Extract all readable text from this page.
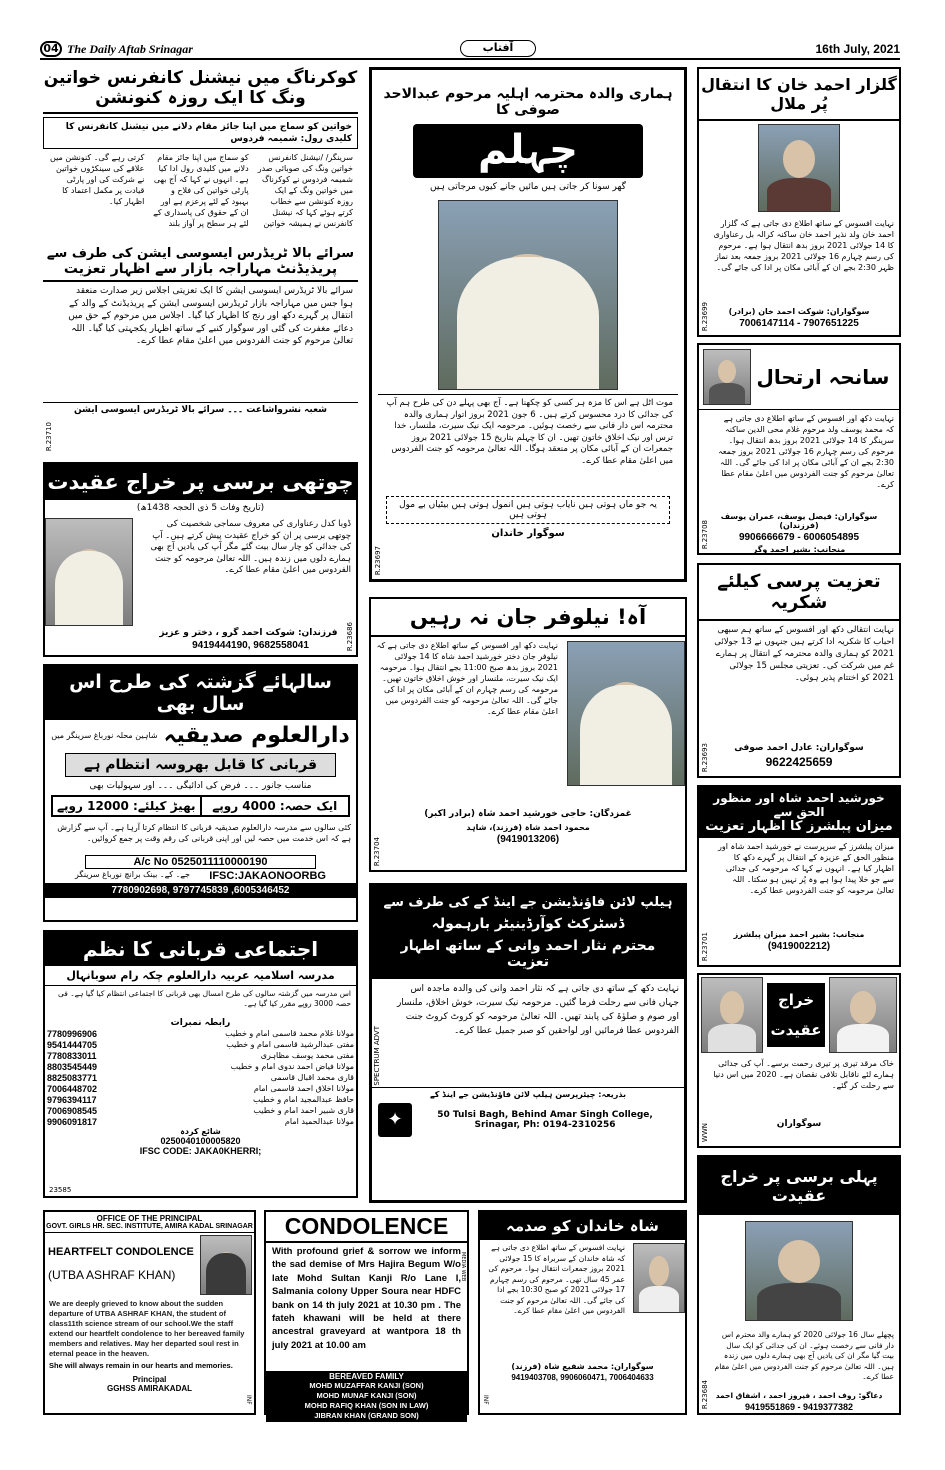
04 The Daily Aftab Srinagar	آفتاب	16th July, 2021
کوکرناگ میں نیشنل کانفرنس خواتین ونگ کا ایک روزہ کنونشن
خواتین کو سماج میں اپنا جائز مقام دلانے میں نیشنل کانفرنس کا کلیدی رول: شمیمہ فردوس
سرینگر/ /نیشنل کانفرنس خواتین ونگ کی صوبائی صدر شمیمہ فردوس نے کوکرناگ میں خواتین ونگ کے ایک روزہ کنونشن سے خطاب کرتے ہوئے کہا کہ نیشنل کانفرنس نے ہمیشہ خواتین کو سماج میں اپنا جائز مقام دلانے میں کلیدی رول ادا کیا ہے۔ انہوں نے کہا کہ آج بھی پارٹی خواتین کی فلاح و بہبود کے لئے پرعزم ہے اور ان کے حقوق کی پاسداری کے لئے ہر سطح پر آواز بلند کرتی رہے گی۔ کنونشن میں علاقے کی سینکڑوں خواتین نے شرکت کی اور پارٹی قیادت پر مکمل اعتماد کا اظہار کیا۔
سرائے بالا ٹریڈرس ایسوسی ایشن کی طرف سے
پریذیڈنٹ مہاراجہ بازار سے اظہار تعزیت
سرائے بالا ٹریڈرس ایسوسی ایشن کا ایک تعزیتی اجلاس زیر صدارت منعقد ہوا جس میں مہاراجہ بازار ٹریڈرس ایسوسی ایشن کے پریذیڈنٹ کے والد کے انتقال پر گہرے دکھ اور رنج کا اظہار کیا گیا۔ اجلاس میں مرحوم کے حق میں دعائے مغفرت کی گئی اور سوگوار کنبے کے ساتھ اظہار یکجہتی کیا گیا۔ اللہ تعالیٰ مرحوم کو جنت الفردوس میں اعلیٰ مقام عطا کرے۔
شعبہ نشرواشاعت ۔۔۔ سرائے بالا ٹریڈرس ایسوسی ایشن
R.23710
ہماری والدہ محترمہ اہلیہ مرحوم عبدالاحد صوفی کا
چہلم
گھر سونا کر جاتی ہیں مائیں جانے کیوں مرجاتی ہیں
موت اٹل ہے اس کا مزہ ہر کسی کو چکھنا ہے۔ آج بھی پہلے دن کی طرح ہم آپ کی جدائی کا درد محسوس کرتے ہیں۔ 6 جون 2021 بروز اتوار ہماری والدہ محترمہ اس دار فانی سے رخصت ہوئیں۔ مرحومہ ایک نیک سیرت، ملنسار، خدا ترس اور نیک اخلاق خاتون تھیں۔ ان کا چہلم بتاریخ 15 جولائی 2021 بروز جمعرات ان کے آبائی مکان پر منعقد ہوگا۔ اللہ تعالیٰ مرحومہ کو جنت الفردوس میں اعلیٰ مقام عطا کرے۔
یہ جو ماں ہوتی ہیں نایاب ہوتی ہیں انمول ہوتی ہیں بیٹیاں بے مول ہوتی ہیں
سوگوار خاندان
R.23697
گلزار احمد خان کا انتقال پُر ملال
نہایت افسوس کے ساتھ اطلاع دی جاتی ہے کہ گلزار احمد خان ولد نذیر احمد خان ساکنہ کرالہ بل رعناواری کا 14 جولائی 2021 بروز بدھ انتقال ہوا ہے۔ مرحوم کی رسم چہارم 16 جولائی 2021 بروز جمعہ بعد نماز ظہر 2:30 بجے ان کے آبائی مکان پر ادا کی جائے گی۔
سوگواران: شوکت احمد خان (برادر)
7006147114 - 7907651225
R.23699
سانحہ ارتحال
نہایت دکھ اور افسوس کے ساتھ اطلاع دی جاتی ہے کہ محمد یوسف ولد مرحوم غلام محی الدین ساکنہ سرینگر کا 14 جولائی 2021 بروز بدھ انتقال ہوا۔ مرحوم کی رسم چہارم 16 جولائی 2021 بروز جمعہ 2:30 بجے ان کے آبائی مکان پر ادا کی جائے گی۔ اللہ تعالیٰ مرحوم کو جنت الفردوس میں اعلیٰ مقام عطا کرے۔
سوگواران: فیصل یوسف، عمران یوسف (فرزندان)
9906666679 - 6006054895
منجانب: بشیر احمد وگر
R.23708
چوتھی برسی پر خراج عقیدت
(تاریخ وفات 5 ذی الحجہ 1438ھ)
ڈوبا کدل رعناواری کی معروف سماجی شخصیت کی چوتھی برسی پر ان کو خراج عقیدت پیش کرتے ہیں۔ آپ کی جدائی کو چار سال بیت گئے مگر آپ کی یادیں آج بھی ہمارے دلوں میں زندہ ہیں۔ اللہ تعالیٰ مرحومہ کو جنت الفردوس میں اعلیٰ مقام عطا کرے۔
فرزندان: شوکت احمد گرو ، دختر و عزیز
9419444190, 9682558041	R.23686
آہ! نیلوفر جان نہ رہیں
نہایت دکھ اور افسوس کے ساتھ اطلاع دی جاتی ہے کہ نیلوفر جان دختر خورشید احمد شاہ کا 14 جولائی 2021 بروز بدھ صبح 11:00 بجے انتقال ہوا۔ مرحومہ ایک نیک سیرت، ملنسار اور خوش اخلاق خاتون تھیں۔ مرحومہ کی رسم چہارم ان کے آبائی مکان پر ادا کی جائے گی۔ اللہ تعالیٰ مرحومہ کو جنت الفردوس میں اعلیٰ مقام عطا کرے۔
غمزدگان: حاجی خورشید احمد شاہ (برادر اکبر)
محمود احمد شاہ (فرزند)، شاہد
(9419013206)
R.23704
تعزیت پرسی کیلئے شکریہ
نہایت انتقالی دکھ اور افسوس کے ساتھ ہم سبھی احباب کا شکریہ ادا کرتے ہیں جنہوں نے 13 جولائی 2021 کو ہماری والدہ محترمہ کے انتقال پر ہمارے غم میں شرکت کی۔ تعزیتی مجلس 15 جولائی 2021 کو اختتام پذیر ہوئی۔
سوگواران: عادل احمد صوفی
9622425659
R.23693
سالہائے گزشتہ کی طرح اس سال بھی
دارالعلوم صدیقیہ
شاہین محلہ نورباغ سرینگر میں
قربانی کا قابل بھروسہ انتظام ہے
مناسب جانور ۔۔۔ فرض کی ادائیگی ۔۔۔ اور سہولیات بھی
ایک حصہ: 4000 روپے
بھیڑ کیلئے: 12000 روپے
کئی سالوں سے مدرسہ دارالعلوم صدیقیہ قربانی کا انتظام کرتا آرہا ہے۔ آپ سے گزارش ہے کہ اس خدمت میں حصہ لیں اور اپنی قربانی کی رقم وقت پر جمع کروائیں۔
A/c No 0525011110000190
IFSC:JAKAONOORBG
جے۔ کے۔ بینک برانچ نورباغ سرینگر
7780902698, 9797745839 ,6005346452
ہیلپ لائن فاؤنڈیشن جے اینڈ کے کی طرف سے
ڈسٹرکٹ کوآرڈینیٹر بارہمولہ
محترم نثار احمد وانی کے ساتھ اظہار تعزیت
نہایت دکھ کے ساتھ دی جاتی ہے کہ نثار احمد وانی کی والدہ ماجدہ اس جہاں فانی سے رحلت فرما گئیں۔ مرحومہ نیک سیرت، خوش اخلاق، ملنسار اور صوم و صلوٰۃ کی پابند تھیں۔ اللہ تعالیٰ مرحومہ کو کروٹ کروٹ جنت الفردوس عطا فرمائیں اور لواحقین کو صبر جمیل عطا کرے۔
بذریعہ: چیئرپرسن ہیلپ لائن فاؤنڈیشن جے اینڈ کے
50 Tulsi Bagh, Behind Amar Singh College,
Srinagar, Ph: 0194-2310256
✦
SPECTRUM ADVT
خورشید احمد شاہ اور منظور الحق سے
میزان پبلشرز کا اظہار تعزیت
میزان پبلشرز کے سرپرست نے خورشید احمد شاہ اور منظور الحق کے عزیزہ کے انتقال پر گہرے دکھ کا اظہار کیا ہے۔ انہوں نے کہا کہ مرحومہ کی جدائی سے جو خلا پیدا ہوا ہے وہ پُر نہیں ہو سکتا۔ اللہ تعالیٰ مرحومہ کو جنت الفردوس عطا کرے۔
منجانب: بشیر احمد میزان پبلشرز
(9419002212)
R.23701
خراج عقیدت
خاک مرقد تیری پر تیری رحمت برسے۔ آپ کی جدائی ہمارے لئے ناقابل تلافی نقصان ہے۔ 2020 میں اس دنیا سے رحلت کر گئے۔
سوگواران
WWN
اجتماعی قربانی کا نظم
مدرسہ اسلامیہ عربیہ دارالعلوم چکہ رام سوبانہال
اس مدرسہ میں گزشتہ سالوں کی طرح امسال بھی قربانی کا اجتماعی انتظام کیا گیا ہے۔ فی حصہ 3000 روپے مقرر کیا گیا ہے۔
رابطہ نمبرات
مولانا غلام محمد قاسمی امام و خطیب	7780996906
مفتی عبدالرشید قاسمی امام و خطیب	9541444705
مفتی محمد یوسف مظاہری	7780833011
مولانا فیاض احمد ندوی امام و خطیب	8803545449
قاری محمد اقبال قاسمی	8825083771
مولانا اخلاق احمد قاسمی امام	7006448702
حافظ عبدالمجید امام و خطیب	9796394117
قاری شبیر احمد امام و خطیب	7006908545
مولانا عبدالحمید امام	9906091817
شائع کردہ
0250040100005820
IFSC CODE: JAKA0KHERRI;
23585
OFFICE OF THE PRINCIPAL
GOVT. GIRLS HR. SEC. INSTITUTE, AMIRA KADAL SRINAGAR
HEARTFELT CONDOLENCE
(UTBA ASHRAF KHAN)
We are deeply grieved to know about the sudden departure of UTBA ASHRAF KHAN, the student of class11th science stream of our school.We the staff extend our heartfelt condolence to her bereaved family members and relatives. May her departed soul rest in eternal peace in the heaven.
She will always remain in our hearts and memories.
Principal
GGHSS AMIRAKADAL
INF
CONDOLENCE
With profound grief & sorrow we inform the sad demise of Mrs Hajira Begum W/o late Mohd Sultan Kanji R/o Lane I, Salmania colony Upper Soura near HDFC bank on 14 th july 2021 at 10.30 pm . The fateh khawani will be held at there ancestral graveyard at wantpora 18 th july 2021 at 10.00 am
BEREAVED FAMILY
MOHD MUZAFFAR KANJI (SON)
MOHD MUNAF KANJI (SON)
MOHD RAFIQ KHAN (SON IN LAW)
JIBRAN KHAN (GRAND SON)
MEDIA WEB
شاہ خاندان کو صدمہ
نہایت افسوس کے ساتھ اطلاع دی جاتی ہے کہ شاہ خاندان کے سربراہ کا 15 جولائی 2021 بروز جمعرات انتقال ہوا۔ مرحوم کی عمر 45 سال تھی۔ مرحوم کی رسم چہارم 17 جولائی 2021 کو صبح 10:30 بجے ادا کی جائے گی۔ اللہ تعالیٰ مرحوم کو جنت الفردوس میں اعلیٰ مقام عطا کرے۔
سوگواران: محمد شفیع شاہ (فرزند)
9419403708, 9906060471, 7006404633
INF
پہلی برسی پر خراج عقیدت
پچھلے سال 16 جولائی 2020 کو ہمارے والد محترم اس دار فانی سے رخصت ہوئے۔ ان کی جدائی کو ایک سال بیت گیا مگر ان کی یادیں آج بھی ہمارے دلوں میں زندہ ہیں۔ اللہ تعالیٰ مرحوم کو جنت الفردوس میں اعلیٰ مقام عطا کرے۔
دعاگو: روف احمد ، فیروز احمد ، اشفاق احمد
9419551869 - 9419377382
R.23684
